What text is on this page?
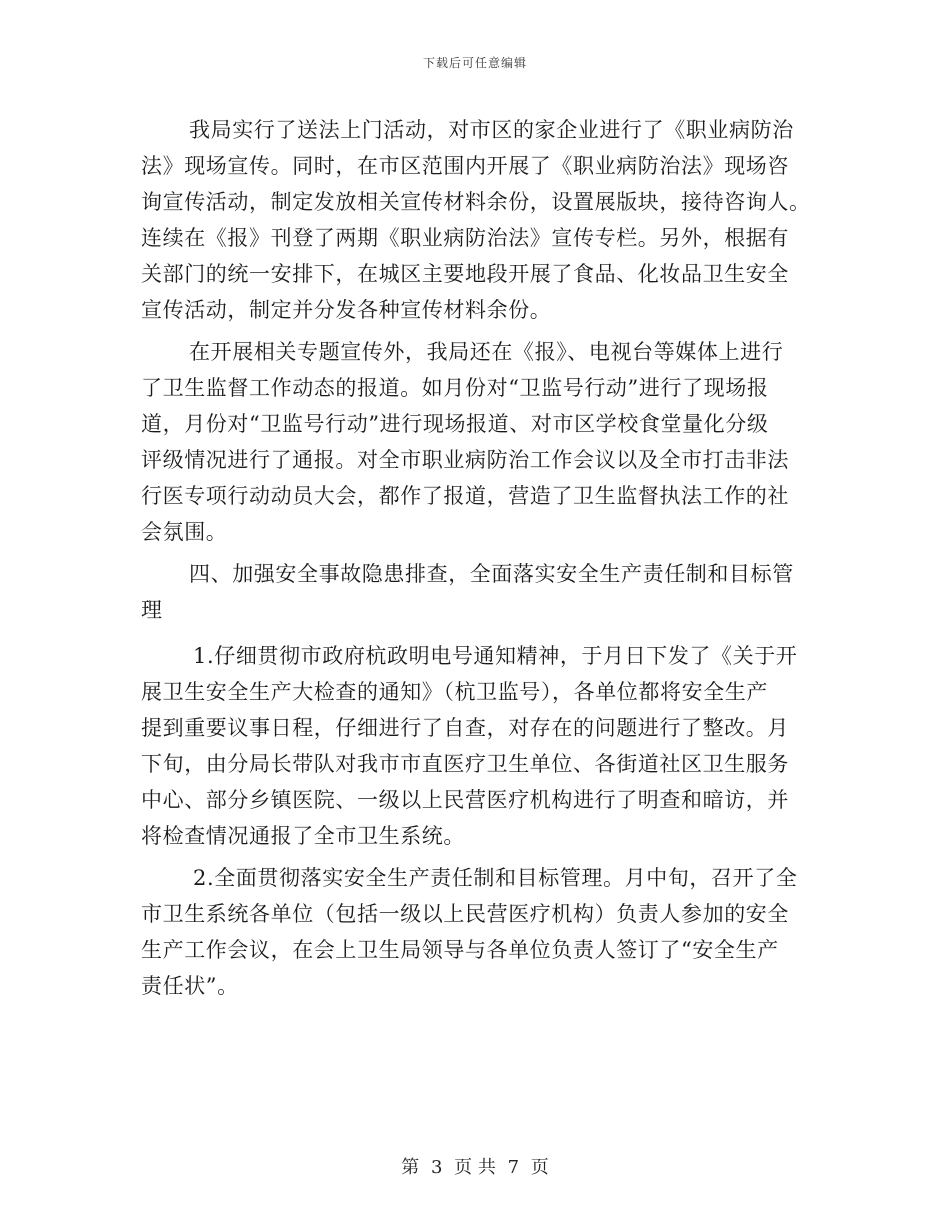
下载后可任意编辑
我局实行了送法上门活动，对市区的家企业进行了《职业病防治
法》现场宣传。同时，在市区范围内开展了《职业病防治法》现场咨
询宣传活动，制定发放相关宣传材料余份，设置展版块，接待咨询人。
连续在《报》刊登了两期《职业病防治法》宣传专栏。另外，根据有
关部门的统一安排下，在城区主要地段开展了食品、化妆品卫生安全
宣传活动，制定并分发各种宣传材料余份。
在开展相关专题宣传外，我局还在《报》、电视台等媒体上进行
了卫生监督工作动态的报道。如月份对“卫监号行动”进行了现场报
道，月份对“卫监号行动”进行现场报道、对市区学校食堂量化分级
评级情况进行了通报。对全市职业病防治工作会议以及全市打击非法
行医专项行动动员大会，都作了报道，营造了卫生监督执法工作的社
会氛围。
四、加强安全事故隐患排查，全面落实安全生产责任制和目标管
理
1.仔细贯彻市政府杭政明电号通知精神，于月日下发了《关于开
展卫生安全生产大检查的通知》（杭卫监号），各单位都将安全生产
提到重要议事日程，仔细进行了自查，对存在的问题进行了整改。月
下旬，由分局长带队对我市市直医疗卫生单位、各街道社区卫生服务
中心、部分乡镇医院、一级以上民营医疗机构进行了明查和暗访，并
将检查情况通报了全市卫生系统。
2.全面贯彻落实安全生产责任制和目标管理。月中旬，召开了全
市卫生系统各单位（包括一级以上民营医疗机构）负责人参加的安全
生产工作会议，在会上卫生局领导与各单位负责人签订了“安全生产
责任状”。
第 3 页 共 7 页
